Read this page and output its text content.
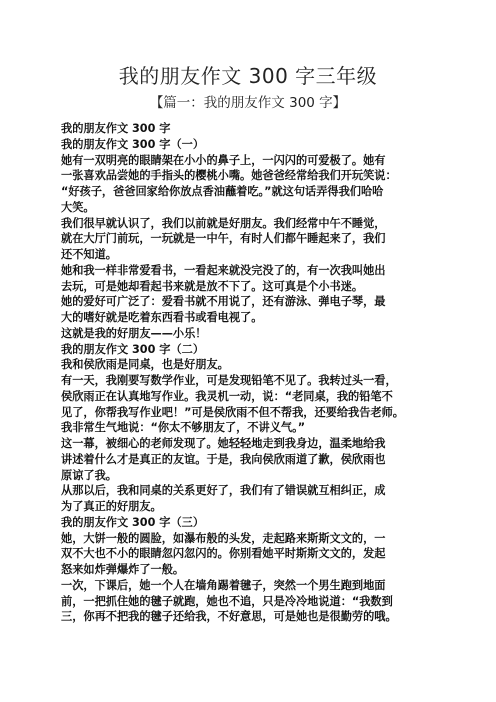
我的朋友作文 300 字三年级
【篇一：我的朋友作文 300 字】

我的朋友作文 300 字

我的朋友作文 300 字（一）

她有一双明亮的眼睛架在小小的鼻子上，一闪闪的可爱极了。她有

一张喜欢品尝她的手指头的樱桃小嘴。她爸爸经常给我们开玩笑说：

“好孩子，爸爸回家给你放点香油蘸着吃。”就这句话弄得我们哈哈

大笑。

我们很早就认识了，我们以前就是好朋友。我们经常中午不睡觉，

就在大厅门前玩，一玩就是一中午，有时人们都午睡起来了，我们

还不知道。

她和我一样非常爱看书，一看起来就没完没了的，有一次我叫她出

去玩，可是她却看起书来就是放不下了。这可真是个小书迷。

她的爱好可广泛了：爱看书就不用说了，还有游泳、弹电子琴，最

大的嗜好就是吃着东西看书或看电视了。

这就是我的好朋友——小乐！

我的朋友作文 300 字（二）

我和侯欣雨是同桌，也是好朋友。

有一天，我刚要写数学作业，可是发现铅笔不见了。我转过头一看，

侯欣雨正在认真地写作业。我灵机一动，说：“老同桌，我的铅笔不

见了，你帮我写作业吧！”可是侯欣雨不但不帮我，还要给我告老师。

我非常生气地说：“你太不够朋友了，不讲义气。”

这一幕，被细心的老师发现了。她轻轻地走到我身边，温柔地给我

讲述着什么才是真正的友谊。于是，我向侯欣雨道了歉，侯欣雨也

原谅了我。

从那以后，我和同桌的关系更好了，我们有了错误就互相纠正，成

为了真正的好朋友。

我的朋友作文 300 字（三）

她，大饼一般的圆脸，如瀑布般的头发，走起路来斯斯文文的，一

双不大也不小的眼睛忽闪忽闪的。你别看她平时斯斯文文的，发起

怒来如炸弹爆炸了一般。

一次，下课后，她一个人在墙角踢着毽子，突然一个男生跑到地面

前，一把抓住她的毽子就跑，她也不追，只是冷冷地说道：“我数到

三，你再不把我的毽子还给我，不好意思，可是她也是很勤劳的哦。
